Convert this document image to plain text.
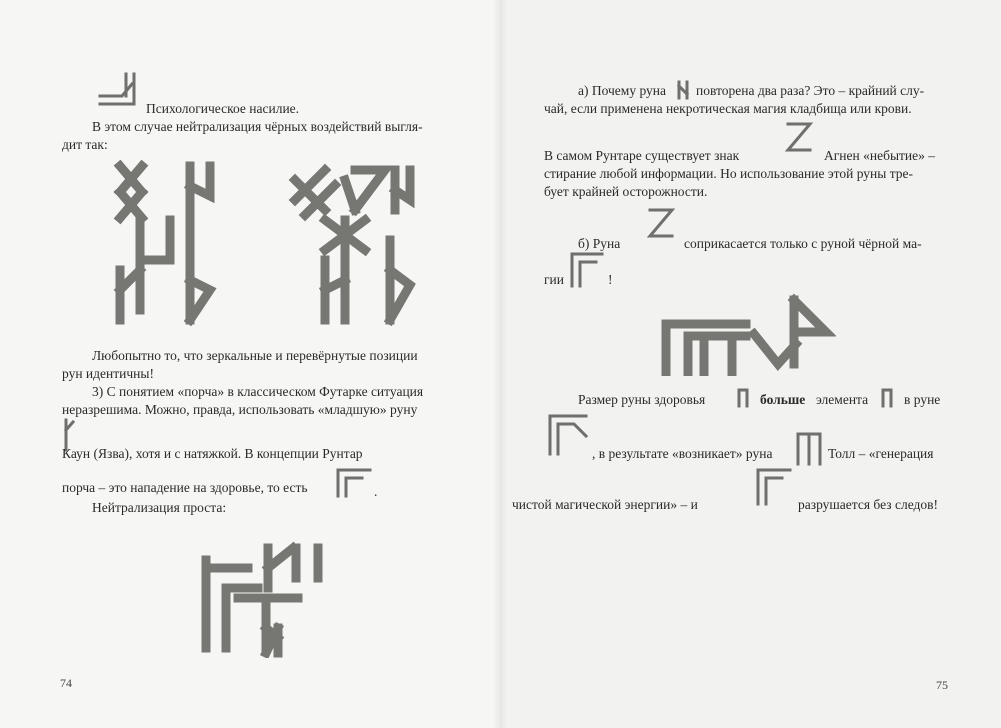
Психологическое насилие.
В этом случае нейтрализация чёрных воздействий выгля-
дит так:
Любопытно то, что зеркальные и перевёрнутые позиции
рун идентичны!
3) С понятием «порча» в классическом Футарке ситуация
неразрешима. Можно, правда, использовать «младшую» руну
Каун (Язва), хотя и с натяжкой. В концепции Рунтар
порча – это нападение на здоровье, то есть	.
Нейтрализация проста:
74
а) Почему руна повторена два раза? Это – крайний слу-
чай, если применена некротическая магия кладбища или крови.
В самом Рунтаре существует знак	Агнен «небытие» –
стирание любой информации. Но использование этой руны тре-
бует крайней осторожности.
б) Руна	соприкасается только с руной чёрной ма-
гии	!
Размер руны здоровья	больше элемента	в руне
, в результате «возникает» руна	Толл – «генерация
чистой магической энергии» – и	разрушается без следов!
75
